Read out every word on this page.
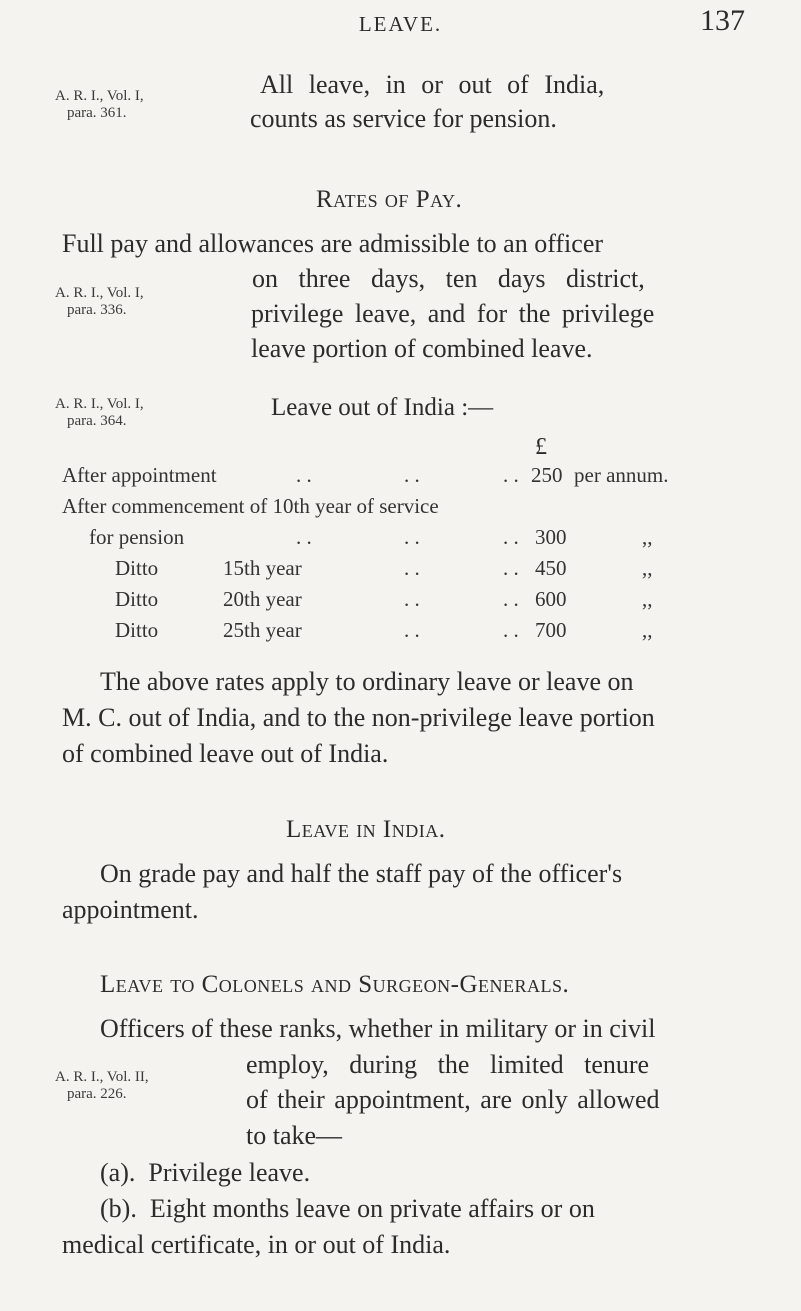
LEAVE.	137
A. R. I., Vol. I,
para. 361.
All leave, in or out of India,
counts as service for pension.
Rates of Pay.
Full pay and allowances are admissible to an officer
on three days, ten days district,
A. R. I., Vol. I,
para. 336.	privilege leave, and for the privilege
leave portion of combined leave.
A. R. I., Vol. I,
para. 364.	Leave out of India :—
£
After appointment	. .	. .	. . 250 per annum.
After commencement of 10th year of service
for pension	. .	. .	. . 300	,,
Ditto	15th year	. .	. . 450	,,
Ditto	20th year	. .	. . 600	,,
Ditto	25th year	. .	. . 700	,,
The above rates apply to ordinary leave or leave on
M. C. out of India, and to the non-privilege leave portion
of combined leave out of India.
Leave in India.
On grade pay and half the staff pay of the officer's
appointment.
Leave to Colonels and Surgeon-Generals.
Officers of these ranks, whether in military or in civil
employ, during the limited tenure
A. R. I., Vol. II,
para. 226.	of their appointment, are only allowed
to take—
(a). Privilege leave.
(b). Eight months leave on private affairs or on
medical certificate, in or out of India.
